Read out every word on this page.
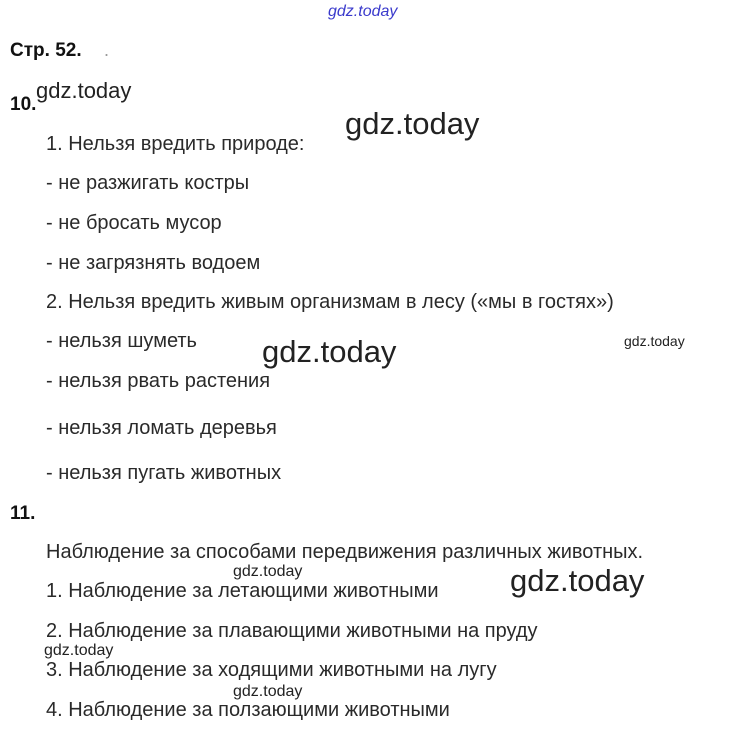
gdz.today
gdz.today
gdz.today
gdz.today	gdz.today
gdz.today	gdz.today
gdz.today
gdz.today
Стр. 52. .
10.
1. Нельзя вредить природе:
- не разжигать костры
- не бросать мусор
- не загрязнять водоем
2. Нельзя вредить живым организмам в лесу («мы в гостях»)
- нельзя шуметь
- нельзя рвать растения
- нельзя ломать деревья
- нельзя пугать животных
11.
Наблюдение за способами передвижения различных животных.
1. Наблюдение за летающими животными
2. Наблюдение за плавающими животными на пруду
3. Наблюдение за ходящими животными на лугу
4. Наблюдение за ползающими животными
